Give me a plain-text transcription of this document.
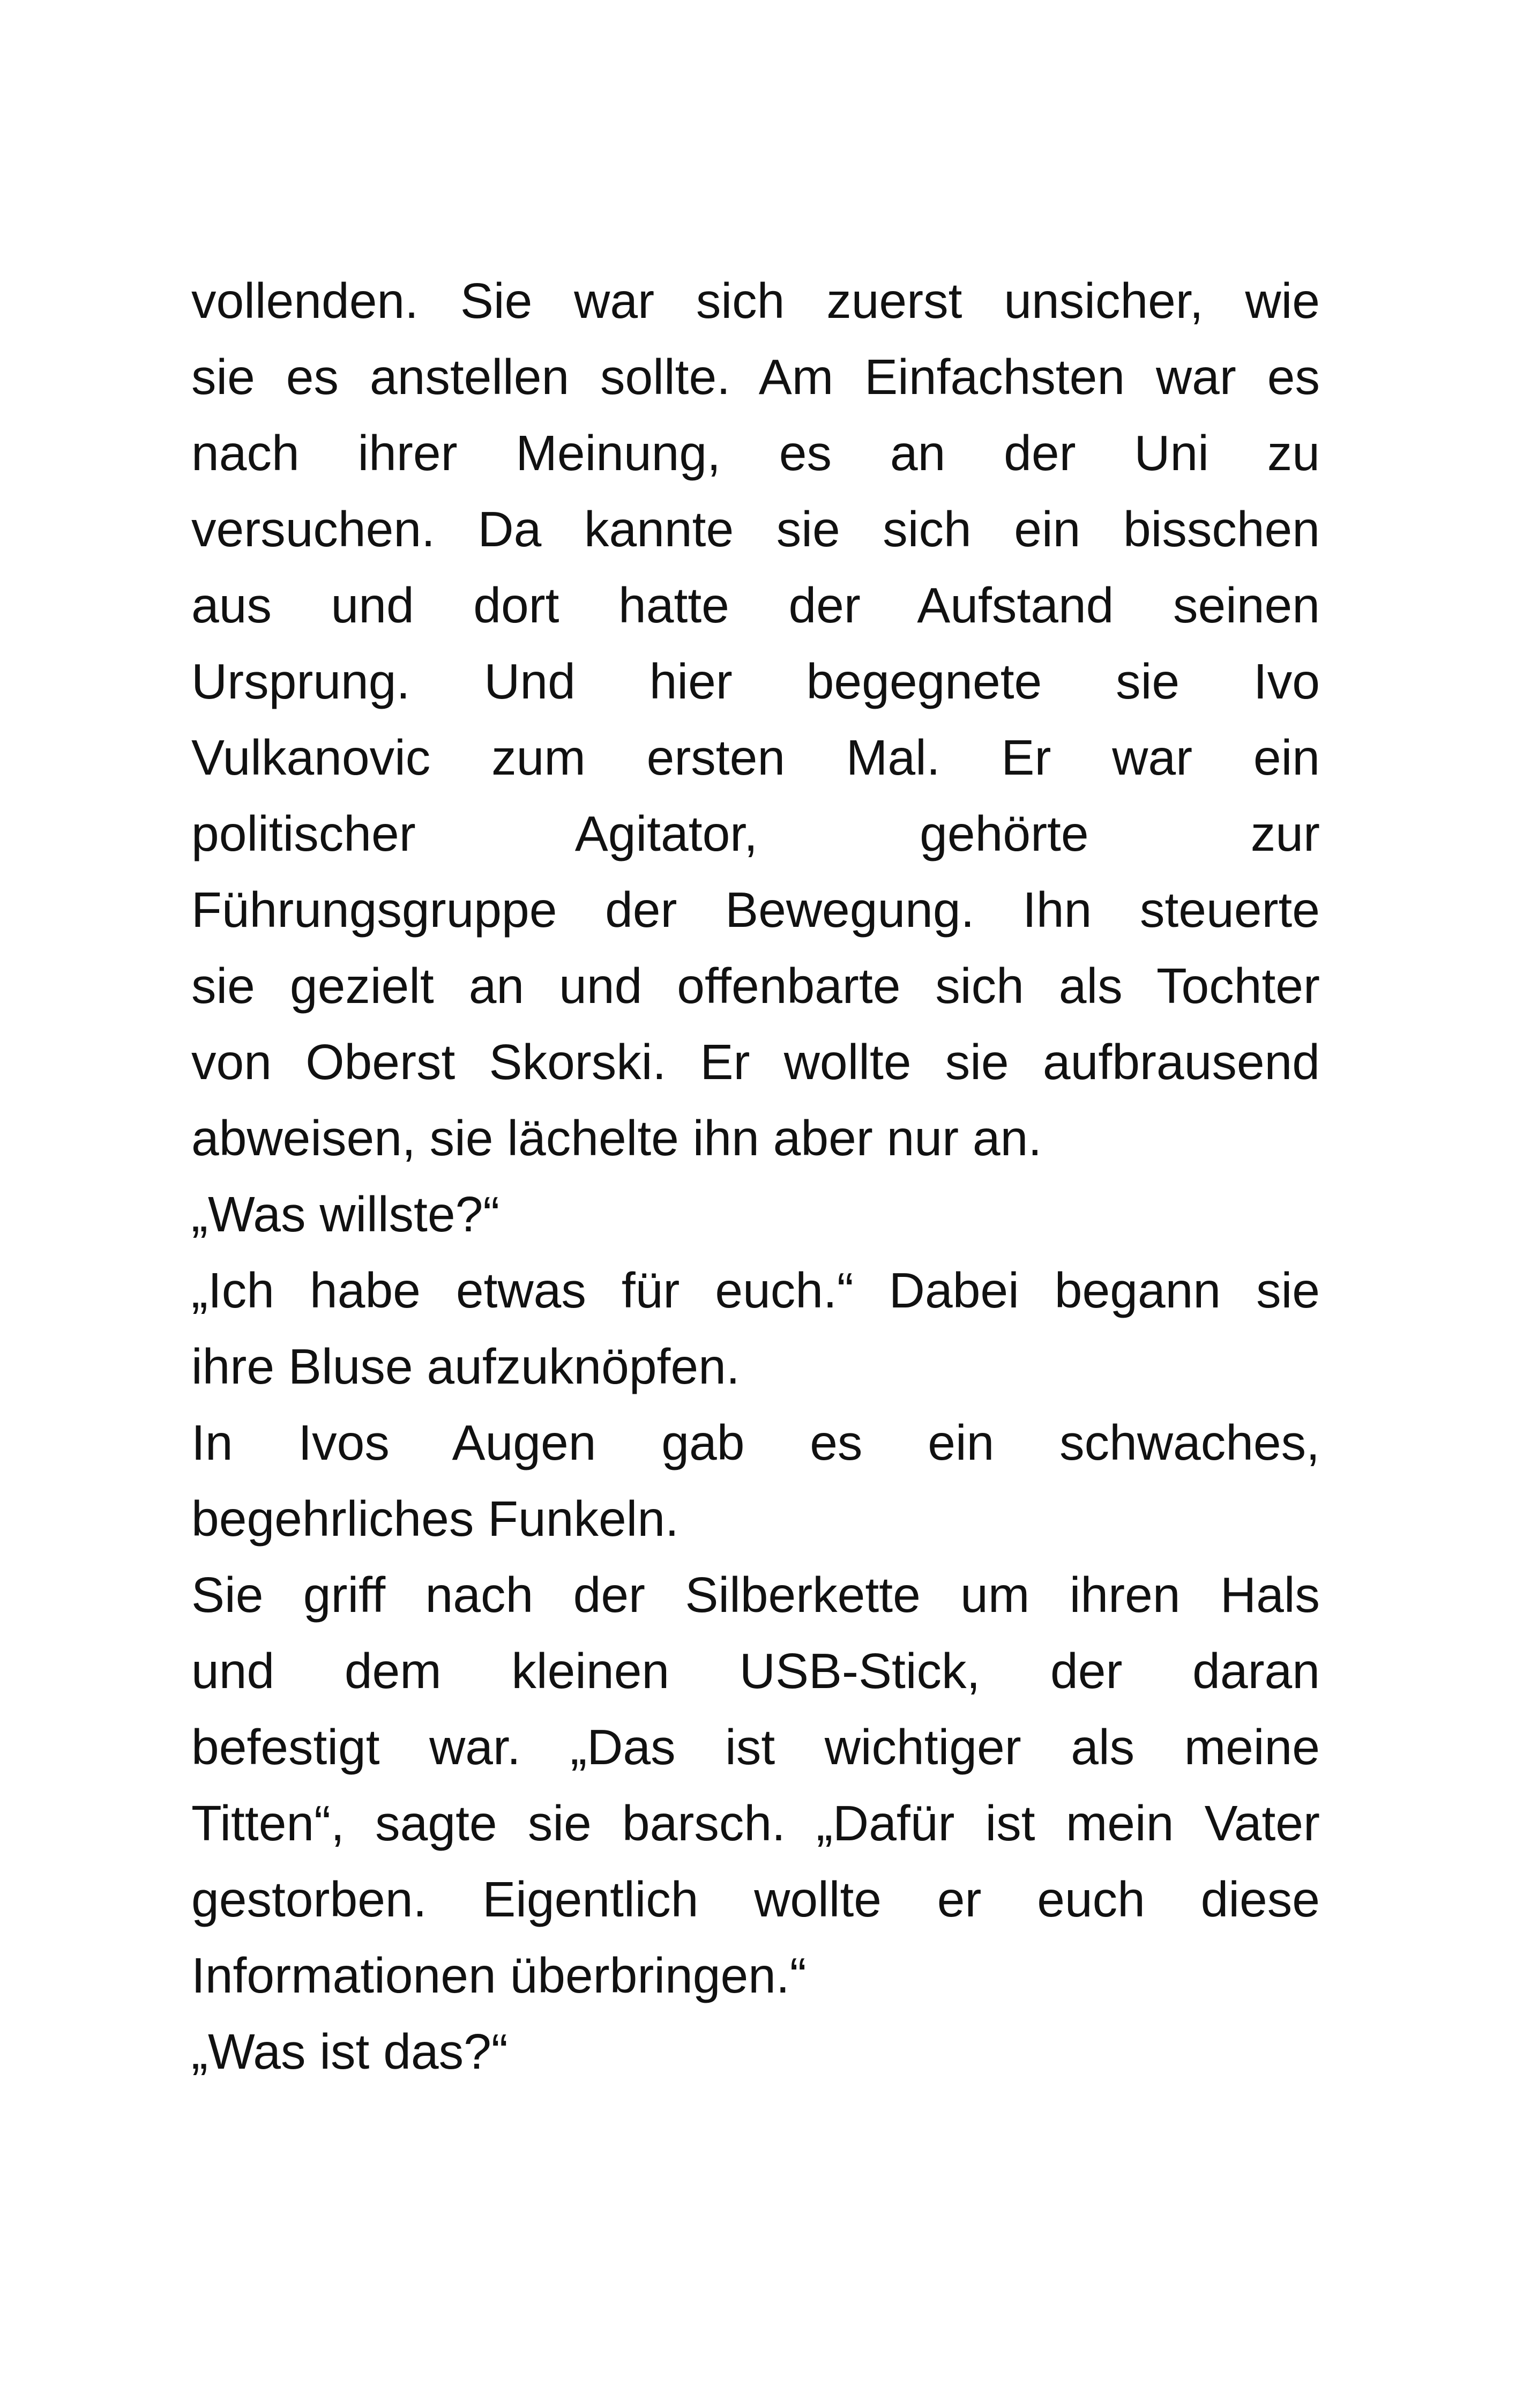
vollenden. Sie war sich zuerst unsicher, wie
sie es anstellen sollte. Am Einfachsten war es
nach ihrer Meinung, es an der Uni zu
versuchen. Da kannte sie sich ein bisschen
aus und dort hatte der Aufstand seinen
Ursprung. Und hier begegnete sie Ivo
Vulkanovic zum ersten Mal. Er war ein
politischer Agitator, gehörte zur
Führungsgruppe der Bewegung. Ihn steuerte
sie gezielt an und offenbarte sich als Tochter
von Oberst Skorski. Er wollte sie aufbrausend
abweisen, sie lächelte ihn aber nur an.
„Was willste?“
„Ich habe etwas für euch.“ Dabei begann sie
ihre Bluse aufzuknöpfen.
In Ivos Augen gab es ein schwaches,
begehrliches Funkeln.
Sie griff nach der Silberkette um ihren Hals
und dem kleinen USB-Stick, der daran
befestigt war. „Das ist wichtiger als meine
Titten“, sagte sie barsch. „Dafür ist mein Vater
gestorben. Eigentlich wollte er euch diese
Informationen überbringen.“
„Was ist das?“
